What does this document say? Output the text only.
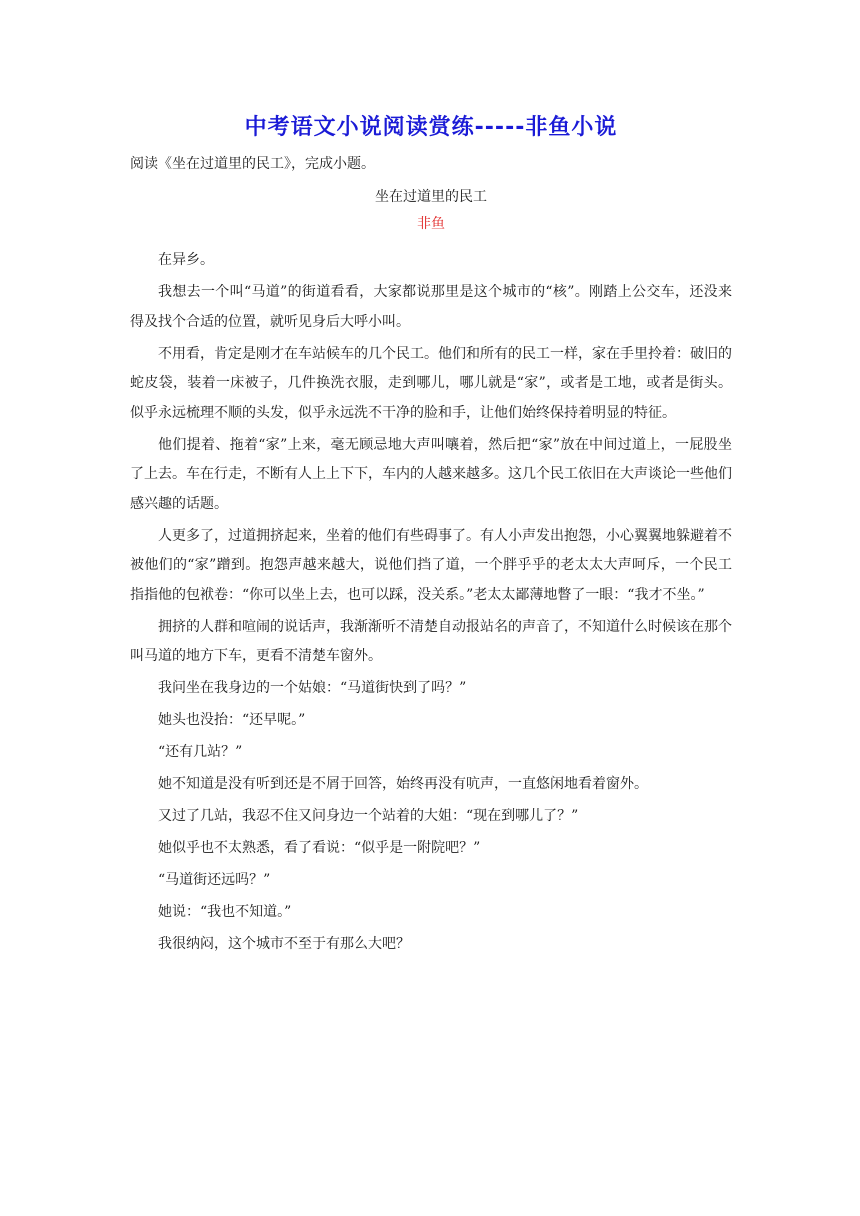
中考语文小说阅读赏练-----非鱼小说

阅读《坐在过道里的民工》，完成小题。

坐在过道里的民工

非鱼

在异乡。

我想去一个叫“马道”的街道看看，大家都说那里是这个城市的“核”。刚踏上公交车，还没来得及找个合适的位置，就听见身后大呼小叫。

不用看，肯定是刚才在车站候车的几个民工。他们和所有的民工一样，家在手里拎着：破旧的蛇皮袋，装着一床被子，几件换洗衣服，走到哪儿，哪儿就是“家”，或者是工地，或者是街头。似乎永远梳理不顺的头发，似乎永远洗不干净的脸和手，让他们始终保持着明显的特征。

他们提着、拖着“家”上来，毫无顾忌地大声叫嚷着，然后把“家”放在中间过道上，一屁股坐了上去。车在行走，不断有人上上下下，车内的人越来越多。这几个民工依旧在大声谈论一些他们感兴趣的话题。

人更多了，过道拥挤起来，坐着的他们有些碍事了。有人小声发出抱怨，小心翼翼地躲避着不被他们的“家”蹭到。抱怨声越来越大，说他们挡了道，一个胖乎乎的老太太大声呵斥，一个民工指指他的包袱卷：“你可以坐上去，也可以踩，没关系。”老太太鄙薄地瞥了一眼：“我才不坐。”

拥挤的人群和喧闹的说话声，我渐渐听不清楚自动报站名的声音了，不知道什么时候该在那个叫马道的地方下车，更看不清楚车窗外。

我问坐在我身边的一个姑娘：“马道街快到了吗？”

她头也没抬：“还早呢。”

“还有几站？”

她不知道是没有听到还是不屑于回答，始终再没有吭声，一直悠闲地看着窗外。

又过了几站，我忍不住又问身边一个站着的大姐：“现在到哪儿了？”

她似乎也不太熟悉，看了看说：“似乎是一附院吧？”

“马道街还远吗？”

她说：“我也不知道。”

我很纳闷，这个城市不至于有那么大吧？
